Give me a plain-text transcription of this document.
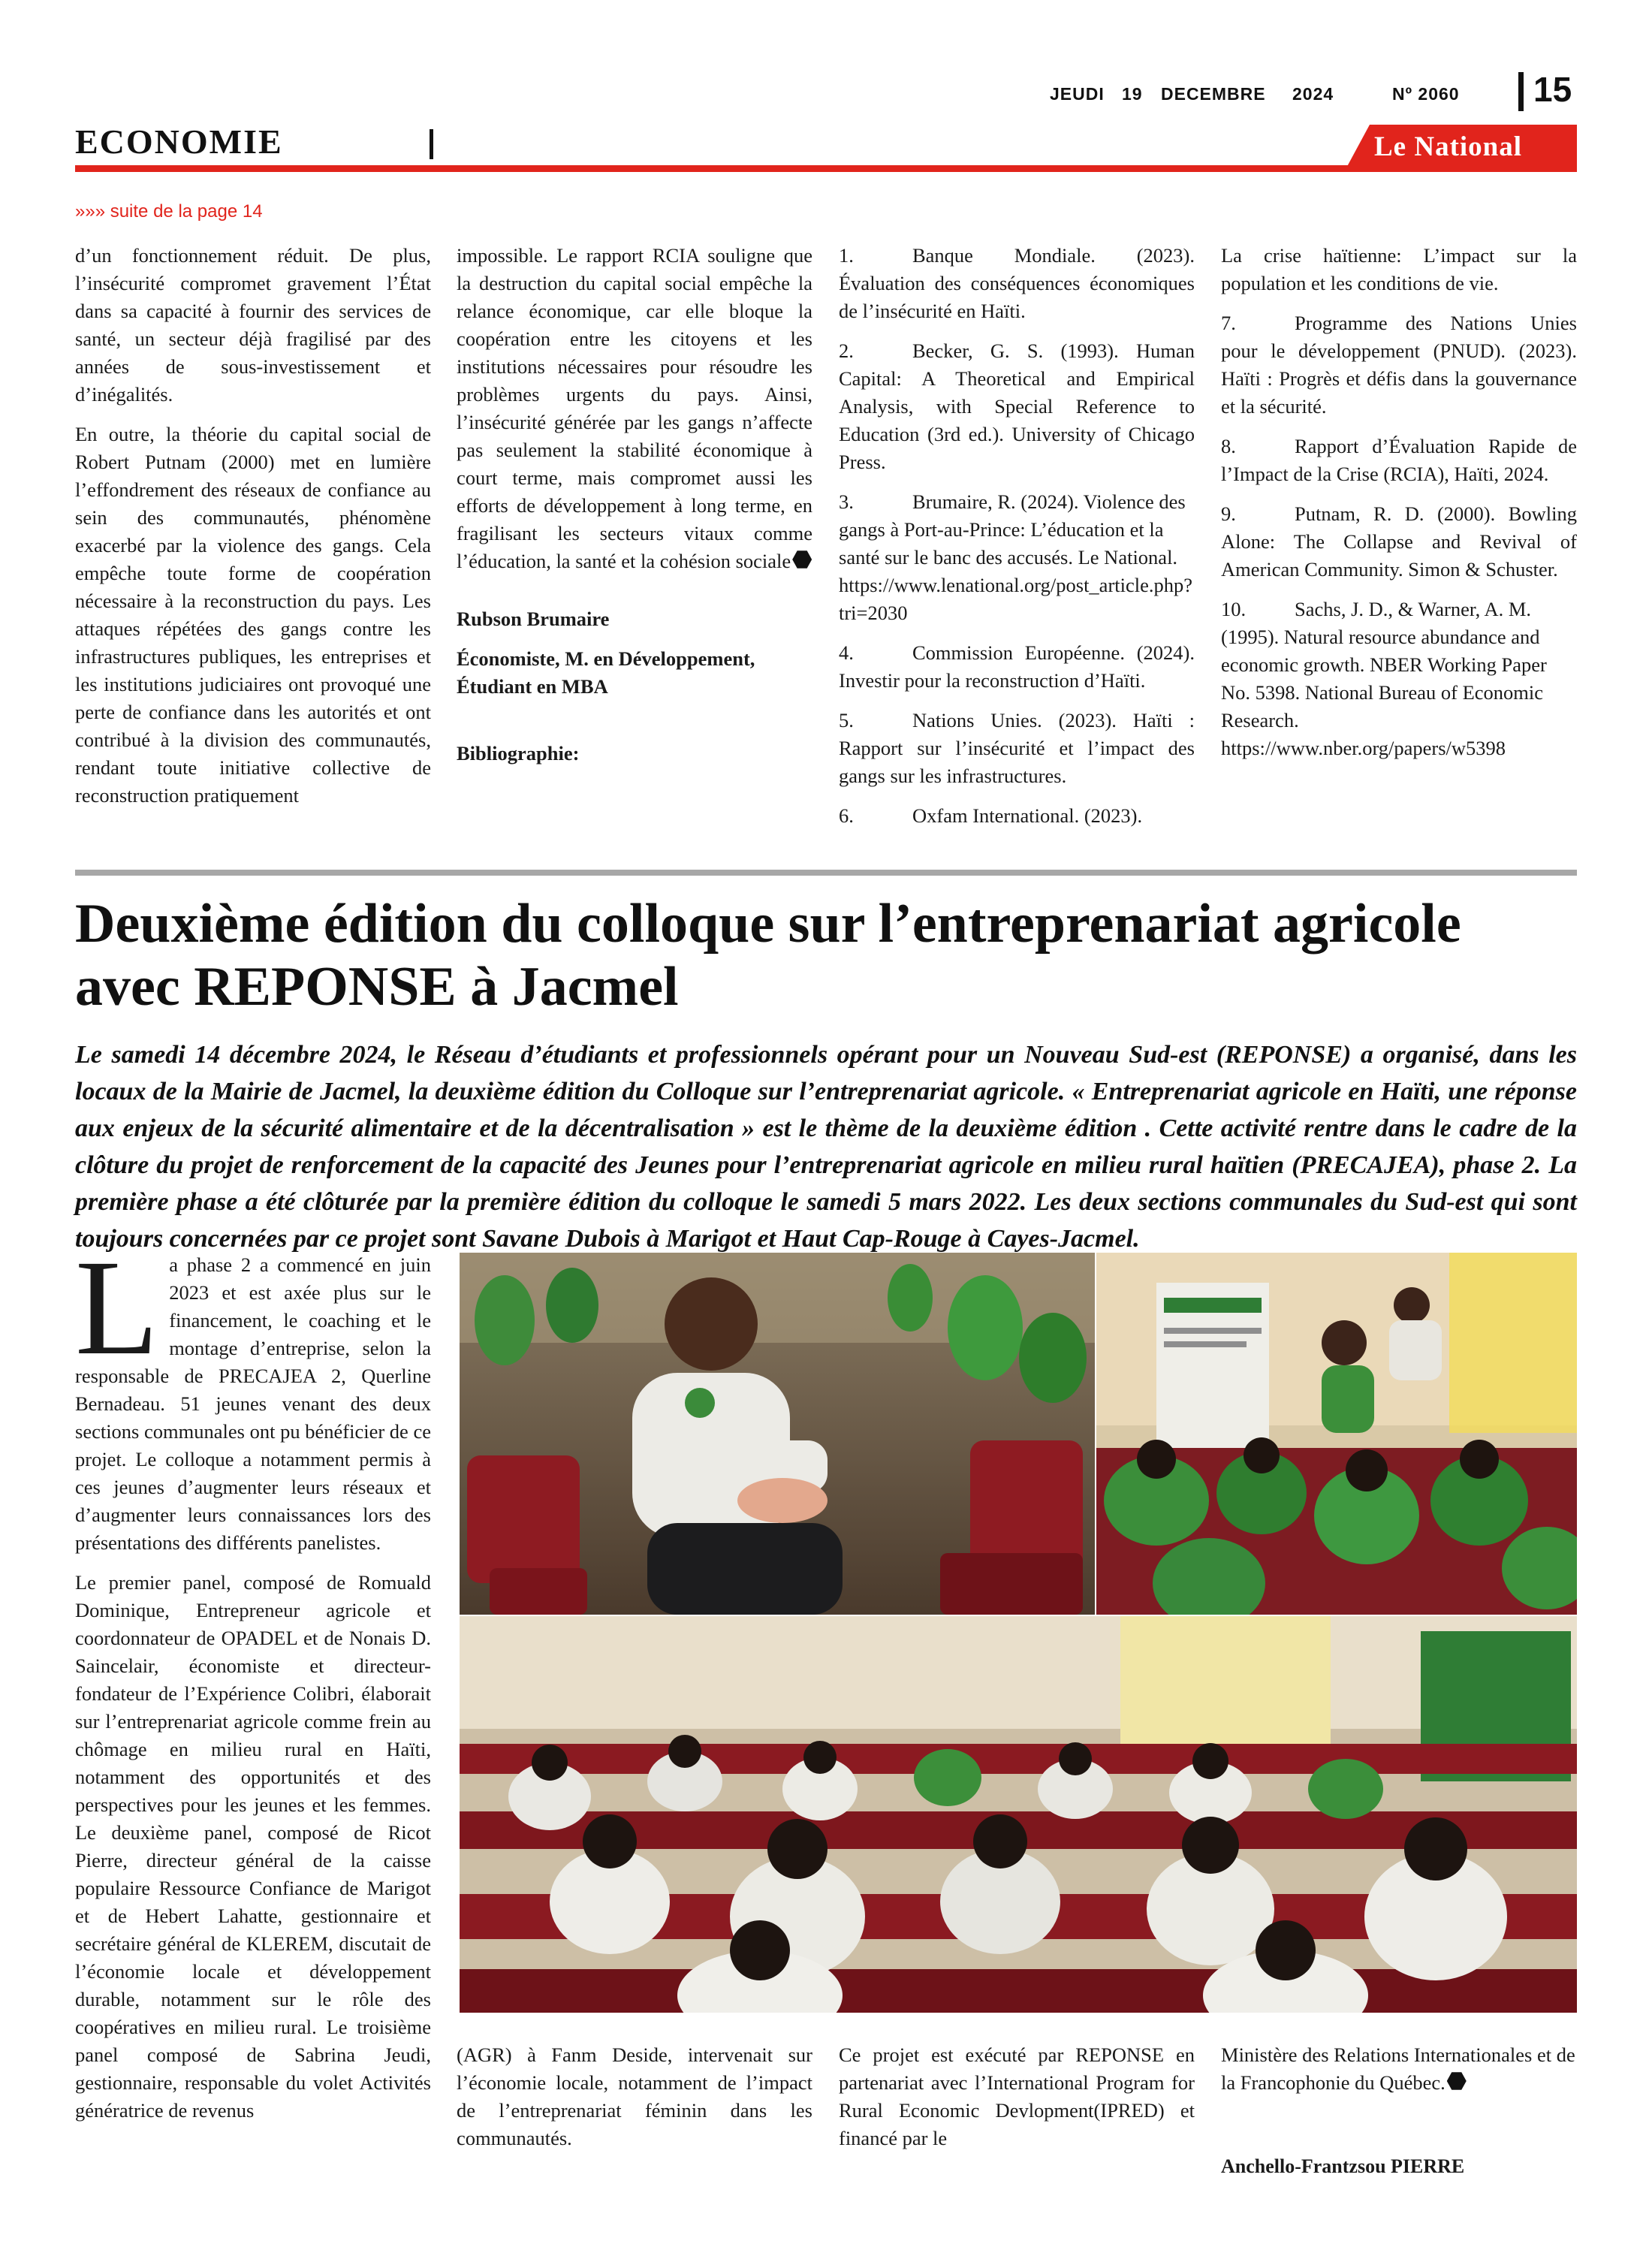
JEUDI 19 DECEMBRE 2024	Nº 2060 15
ECONOMIE	Le National
»»» suite de la page 14

d’un fonctionnement réduit. De plus, l’insécurité compromet gravement l’État dans sa capacité à fournir des services de santé, un secteur déjà fragilisé par des années de sous-investissement et d’inégalités.

En outre, la théorie du capital social de Robert Putnam (2000) met en lumière l’effondrement des réseaux de confiance au sein des communautés, phénomène exacerbé par la violence des gangs. Cela empêche toute forme de coopération nécessaire à la reconstruction du pays. Les attaques répétées des gangs contre les infrastructures publiques, les entreprises et les institutions judiciaires ont provoqué une perte de confiance dans les autorités et ont contribué à la division des communautés, rendant toute initiative collective de reconstruction pratiquement

impossible. Le rapport RCIA souligne que la destruction du capital social empêche la relance économique, car elle bloque la coopération entre les citoyens et les institutions nécessaires pour résoudre les problèmes urgents du pays. Ainsi, l’insécurité générée par les gangs n’affecte pas seulement la stabilité économique à court terme, mais compromet aussi les efforts de développement à long terme, en fragilisant les secteurs vitaux comme l’éducation, la santé et la cohésion sociale

Rubson Brumaire

Économiste, M. en Développement, Étudiant en MBA

Bibliographie:

1.	Banque Mondiale. (2023). Évaluation des conséquences économiques de l’insécurité en Haïti.

2.	Becker, G. S. (1993). Human Capital: A Theoretical and Empirical Analysis, with Special Reference to Education (3rd ed.). University of Chicago Press.

3.	Brumaire, R. (2024). Violence des gangs à Port-au-Prince: L’éducation et la santé sur le banc des accusés. Le National. https://www.lenational.org/post_article.php?tri=2030

4.	Commission Européenne. (2024). Investir pour la reconstruction d’Haïti.

5.	Nations Unies. (2023). Haïti : Rapport sur l’insécurité et l’impact des gangs sur les infrastructures.

6.	Oxfam International. (2023).

La crise haïtienne: L’impact sur la population et les conditions de vie.

7.	Programme des Nations Unies pour le développement (PNUD). (2023). Haïti : Progrès et défis dans la gouvernance et la sécurité.

8.	Rapport d’Évaluation Rapide de l’Impact de la Crise (RCIA), Haïti, 2024.

9.	Putnam, R. D. (2000). Bowling Alone: The Collapse and Revival of American Community. Simon & Schuster.

10. Sachs, J. D., & Warner, A. M. (1995). Natural resource abundance and economic growth. NBER Working Paper No. 5398. National Bureau of Economic Research. https://www.nber.org/papers/w5398

Deuxième édition du colloque sur l’entreprenariat agricole avec REPONSE à Jacmel
Le samedi 14 décembre 2024, le Réseau d’étudiants et professionnels opérant pour un Nouveau Sud-est (REPONSE) a organisé, dans les locaux de la Mairie de Jacmel, la deuxième édition du Colloque sur l’entreprenariat agricole. « Entreprenariat agricole en Haïti, une réponse aux enjeux de la sécurité alimentaire et de la décentralisation » est le thème de la deuxième édition . Cette activité rentre dans le cadre de la clôture du projet de renforcement de la capacité des Jeunes pour l’entreprenariat agricole en milieu rural haïtien (PRECAJEA), phase 2. La première phase a été clôturée par la première édition du colloque le samedi 5 mars 2022. Les deux sections communales du Sud-est qui sont toujours concernées par ce projet sont Savane Dubois à Marigot et Haut Cap-Rouge à Cayes-Jacmel.

La phase 2 a commencé en juin 2023 et est axée plus sur le financement, le coaching et le montage d’entreprise, selon la responsable de PRECAJEA 2, Querline Bernadeau. 51 jeunes venant des deux sections communales ont pu bénéficier de ce projet. Le colloque a notamment permis à ces jeunes d’augmenter leurs réseaux et d’augmenter leurs connaissances lors des présentations des différents panelistes.

Le premier panel, composé de Romuald Dominique, Entrepreneur agricole et coordonnateur de OPADEL et de Nonais D. Saincelair, économiste et directeur-fondateur de l’Expérience Colibri, élaborait sur l’entreprenariat agricole comme frein au chômage en milieu rural en Haïti, notamment des opportunités et des perspectives pour les jeunes et les femmes. Le deuxième panel, composé de Ricot Pierre, directeur général de la caisse populaire Ressource Confiance de Marigot et de Hebert Lahatte, gestionnaire et secrétaire général de KLEREM, discutait de l’économie locale et développement durable, notamment sur le rôle des coopératives en milieu rural. Le troisième panel composé de Sabrina Jeudi, gestionnaire, responsable du volet Activités génératrice de revenus

(AGR) à Fanm Deside, intervenait sur l’économie locale, notamment de l’impact de l’entreprenariat féminin dans les communautés.

Ce projet est exécuté par REPONSE en partenariat avec l’International Program for Rural Economic Devlopment(IPRED) et financé par le

Ministère des Relations Internationales et de la Francophonie du Québec.

Anchello-Frantzsou PIERRE
